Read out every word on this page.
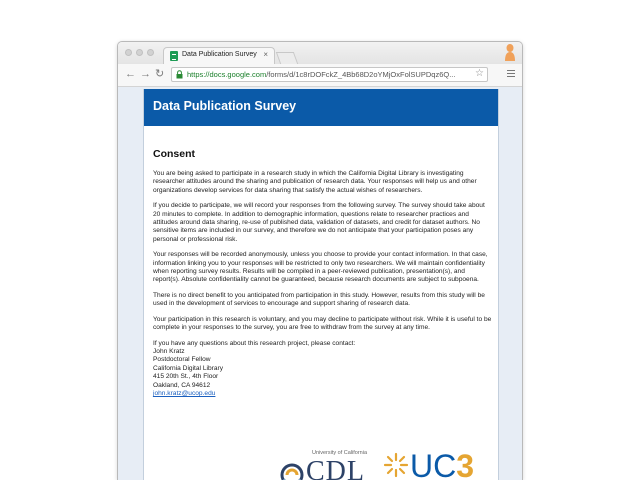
Data Publication Survey ×
← → ↻	https://docs.google.com/forms/d/1c8rDOFckZ_4Bb68D2oYMjOxFolSUPDqz6Q... ☆
Data Publication Survey
Consent
You are being asked to participate in a research study in which the California Digital Library is investigating researcher attitudes around the sharing and publication of research data. Your responses will help us and other organizations develop services for data sharing that satisfy the actual wishes of researchers.
If you decide to participate, we will record your responses from the following survey. The survey should take about 20 minutes to complete. In addition to demographic information, questions relate to researcher practices and attitudes around data sharing, re-use of published data, validation of datasets, and credit for dataset authors. No sensitive items are included in our survey, and therefore we do not anticipate that your participation poses any personal or professional risk.
Your responses will be recorded anonymously, unless you choose to provide your contact information. In that case, information linking you to your responses will be restricted to only two researchers. We will maintain confidentiality when reporting survey results. Results will be compiled in a peer-reviewed publication, presentation(s), and report(s). Absolute confidentiality cannot be guaranteed, because research documents are subject to subpoena.
There is no direct benefit to you anticipated from participation in this study. However, results from this study will be used in the development of services to encourage and support sharing of research data.
Your participation in this research is voluntary, and you may decline to participate without risk. While it is useful to be complete in your responses to the survey, you are free to withdraw from the survey at any time.
If you have any questions about this research project, please contact:
John Kratz
Postdoctoral Fellow
California Digital Library
415 20th St., 4th Floor
Oakland, CA 94612
john.kratz@ucop.edu
University of California
CDL UC3
